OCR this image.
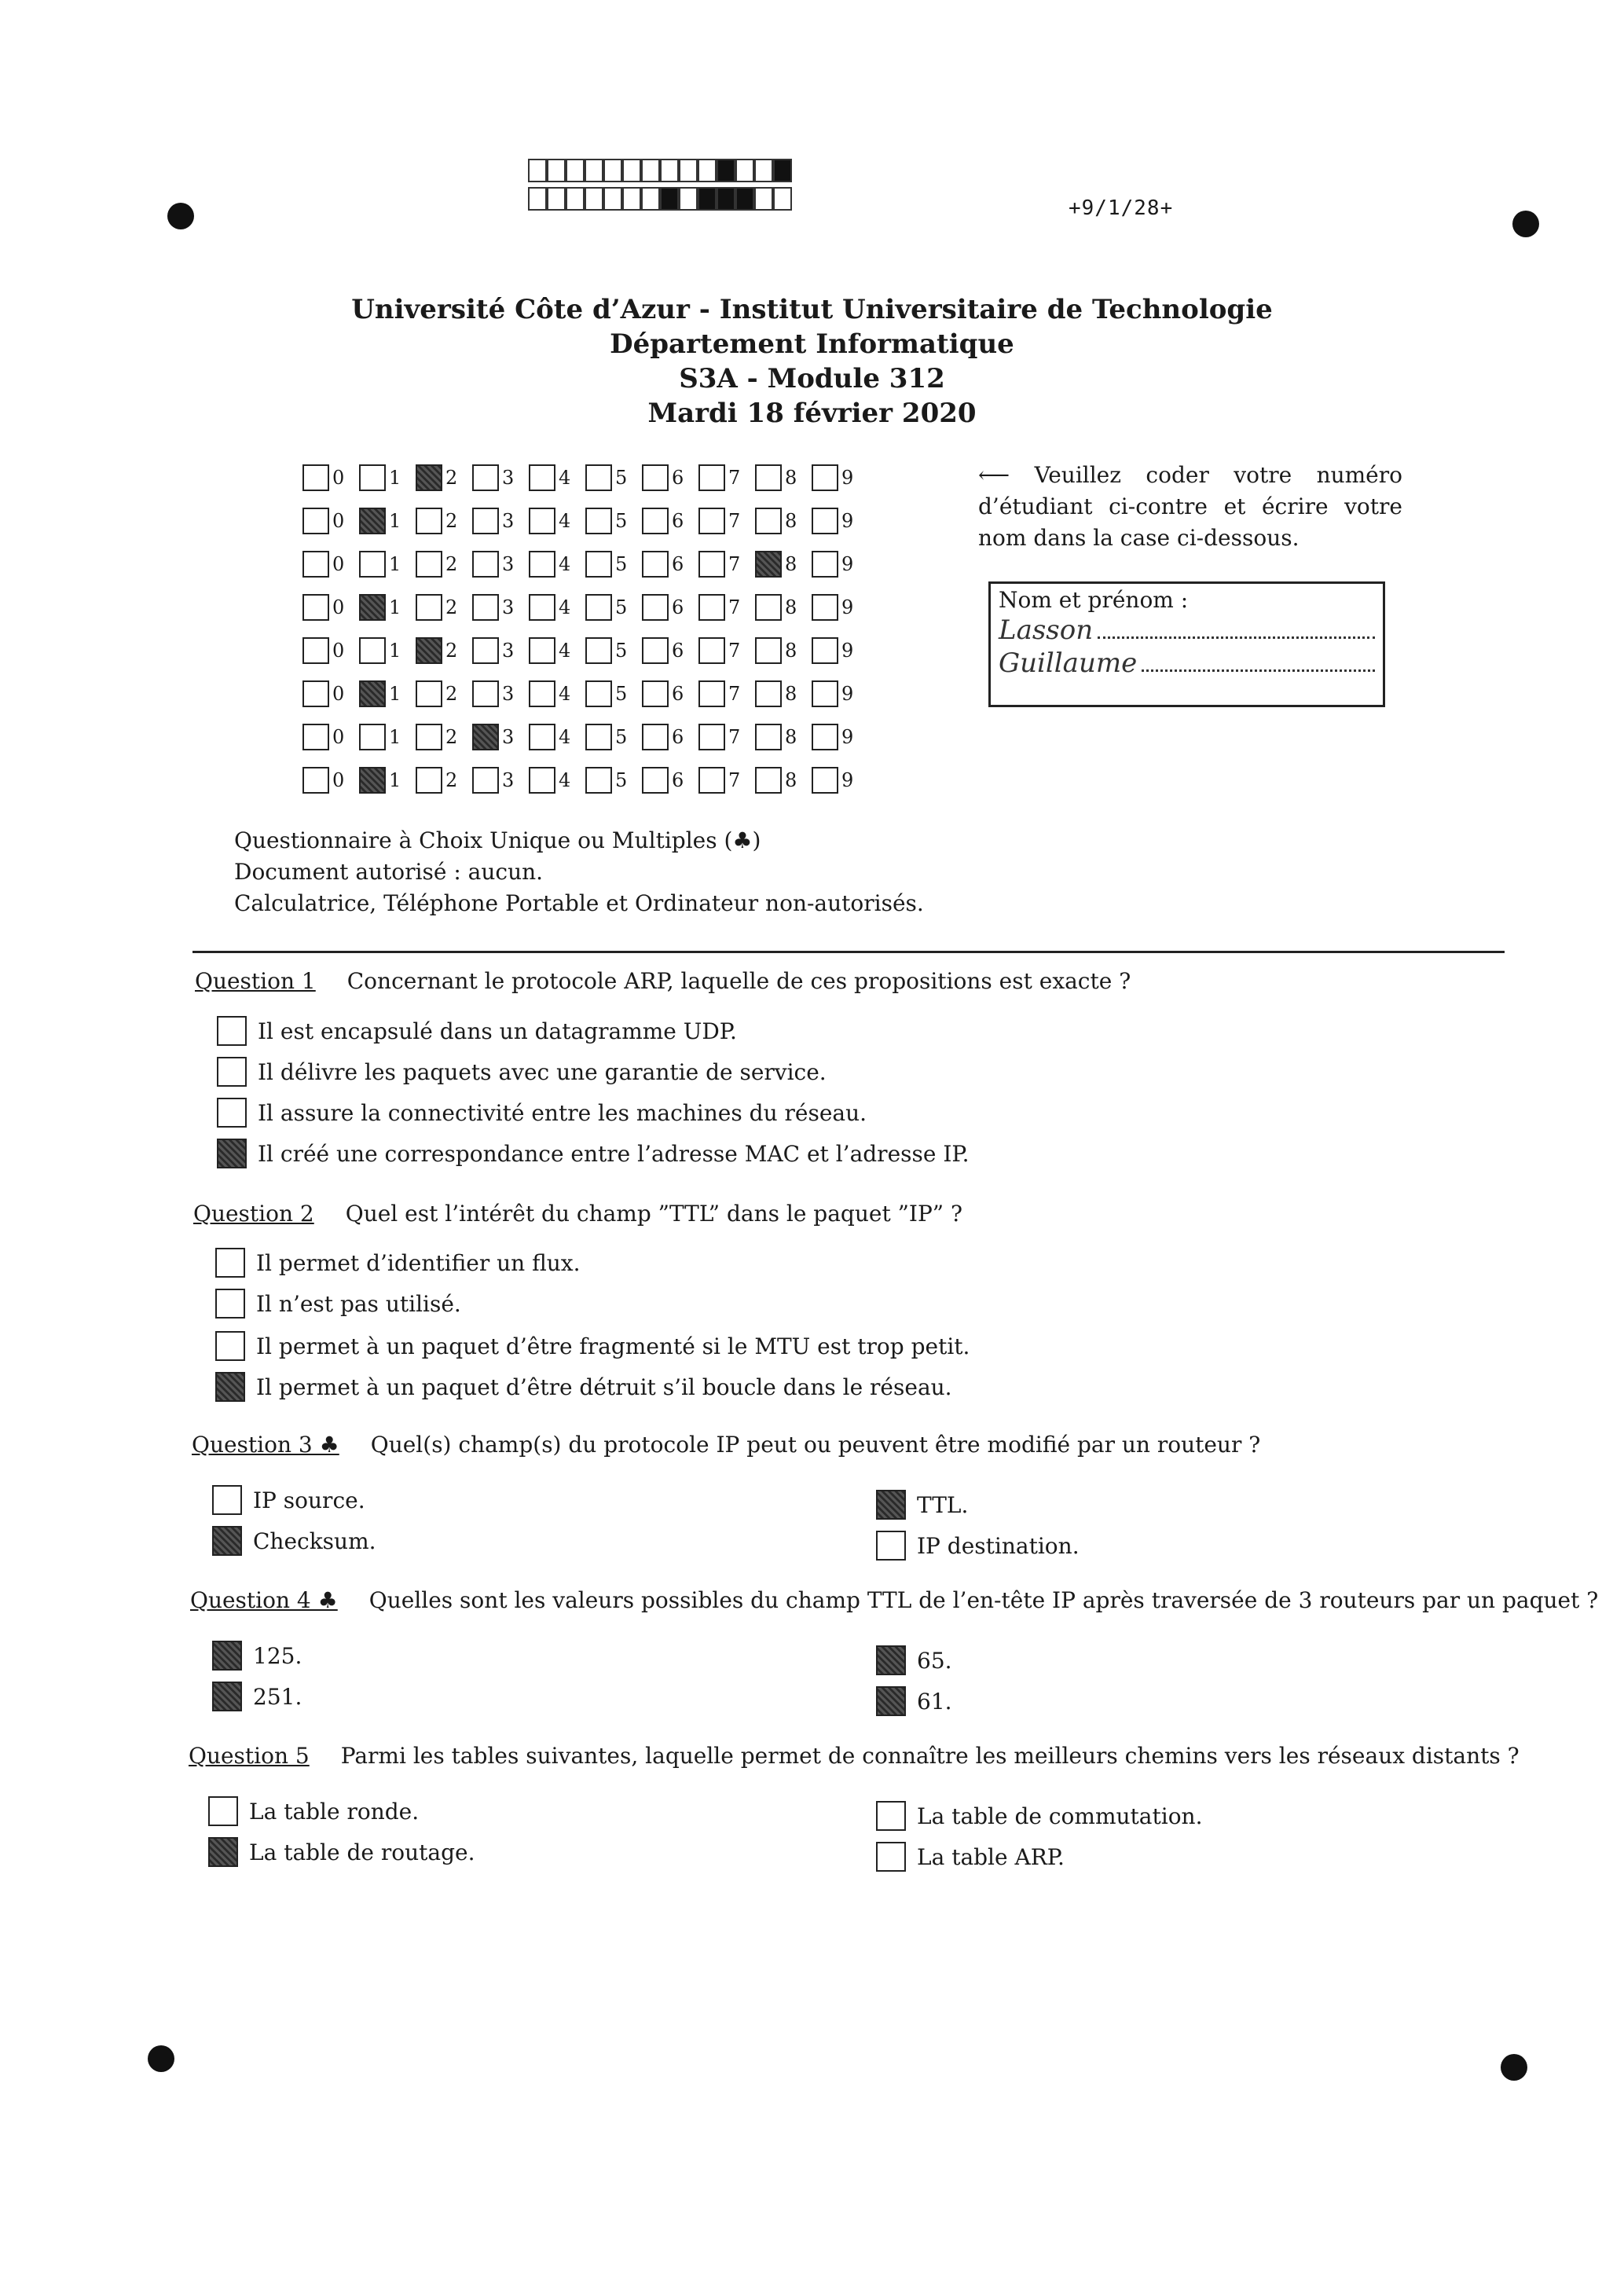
+9/1/28+
Université Côte d’Azur - Institut Universitaire de Technologie
Département Informatique
S3A - Module 312
Mardi 18 février 2020
0 1 2 3 4 5 6 7 8 9
0 1 2 3 4 5 6 7 8 9
0 1 2 3 4 5 6 7 8 9
0 1 2 3 4 5 6 7 8 9
0 1 2 3 4 5 6 7 8 9
0 1 2 3 4 5 6 7 8 9
0 1 2 3 4 5 6 7 8 9
0 1 2 3 4 5 6 7 8 9
⟵ Veuillez coder votre numéro d’étudiant ci-contre et écrire votre nom dans la case ci-dessous.
Nom et prénom :
Lasson
Guillaume
Questionnaire à Choix Unique ou Multiples (♣)
Document autorisé : aucun.
Calculatrice, Téléphone Portable et Ordinateur non-autorisés.
Question 1 Concernant le protocole ARP, laquelle de ces propositions est exacte ?
Il est encapsulé dans un datagramme UDP.
Il délivre les paquets avec une garantie de service.
Il assure la connectivité entre les machines du réseau.
Il créé une correspondance entre l’adresse MAC et l’adresse IP.
Question 2 Quel est l’intérêt du champ ”TTL” dans le paquet ”IP” ?
Il permet d’identifier un flux.
Il n’est pas utilisé.
Il permet à un paquet d’être fragmenté si le MTU est trop petit.
Il permet à un paquet d’être détruit s’il boucle dans le réseau.
Question 3 ♣ Quel(s) champ(s) du protocole IP peut ou peuvent être modifié par un routeur ?
IP source.
Checksum.
TTL.
IP destination.
Question 4 ♣ Quelles sont les valeurs possibles du champ TTL de l’en-tête IP après traversée de 3 routeurs par un paquet ?
125.
251.
65.
61.
Question 5 Parmi les tables suivantes, laquelle permet de connaître les meilleurs chemins vers les réseaux distants ?
La table ronde.
La table de routage.
La table de commutation.
La table ARP.
